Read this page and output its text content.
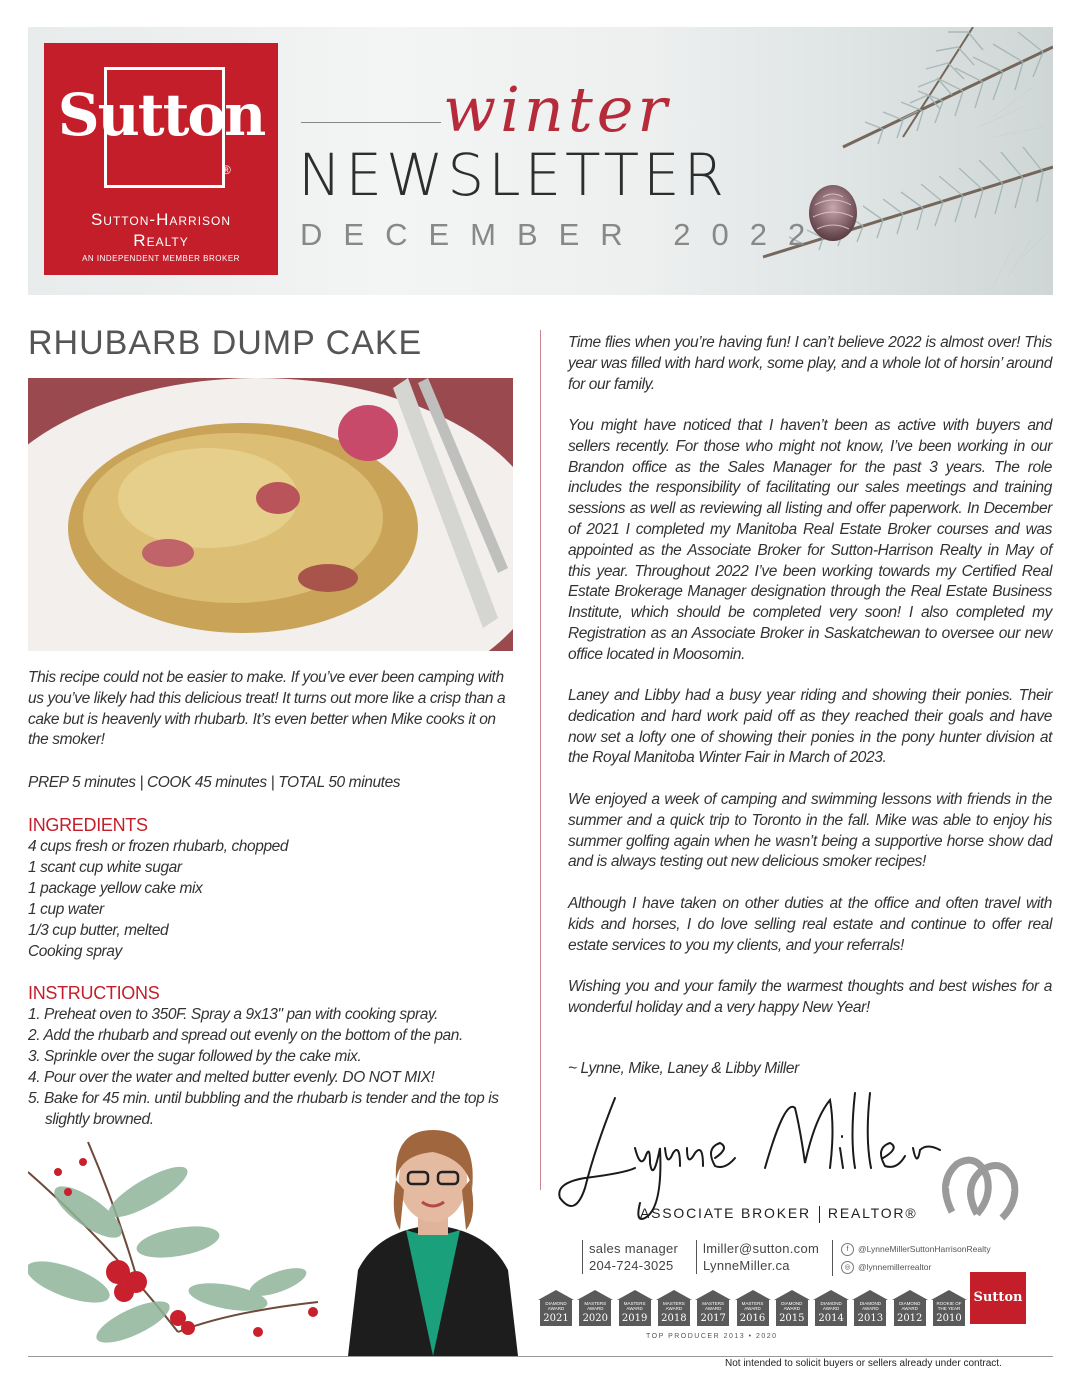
Sutton
®
Sutton-Harrison
Realty
AN INDEPENDENT MEMBER BROKER
winter
NEWSLETTER
DECEMBER 2022
RHUBARB DUMP CAKE
This recipe could not be easier to make. If you’ve ever been camping with us you’ve likely had this delicious treat! It turns out more like a crisp than a cake but is heavenly with rhubarb. It’s even better when Mike cooks it on the smoker!
PREP 5 minutes | COOK 45 minutes | TOTAL 50 minutes
INGREDIENTS
4 cups fresh or frozen rhubarb, chopped
1 scant cup white sugar
1 package yellow cake mix
1 cup water
1/3 cup butter, melted
Cooking spray
INSTRUCTIONS
1. Preheat oven to 350F. Spray a 9x13" pan with cooking spray.
2. Add the rhubarb and spread out evenly on the bottom of the pan.
3. Sprinkle over the sugar followed by the cake mix.
4. Pour over the water and melted butter evenly. DO NOT MIX!
5. Bake for 45 min. until bubbling and the rhubarb is tender and the top is slightly browned.
Time flies when you’re having fun! I can’t believe 2022 is almost over! This year was filled with hard work, some play, and a whole lot of horsin’ around for our family.
You might have noticed that I haven’t been as active with buyers and sellers recently. For those who might not know, I’ve been working in our Brandon office as the Sales Manager for the past 3 years. The role includes the responsibility of facilitating our sales meetings and training sessions as well as reviewing all listing and offer paperwork. In December of 2021 I completed my Manitoba Real Estate Broker courses and was appointed as the Associate Broker for Sutton-Harrison Realty in May of this year. Throughout 2022 I’ve been working towards my Certified Real Estate Brokerage Manager designation through the Real Estate Business Institute, which should be completed very soon! I also completed my Registration as an Associate Broker in Saskatchewan to oversee our new office located in Moosomin.
Laney and Libby had a busy year riding and showing their ponies. Their dedication and hard work paid off as they reached their goals and have now set a lofty one of showing their ponies in the pony hunter division at the Royal Manitoba Winter Fair in March of 2023.
We enjoyed a week of camping and swimming lessons with friends in the summer and a quick trip to Toronto in the fall. Mike was able to enjoy his summer golfing again when he wasn’t being a supportive horse show dad and is always testing out new delicious smoker recipes!
Although I have taken on other duties at the office and often travel with kids and horses, I do love selling real estate and continue to offer real estate services to you my clients, and your referrals!
Wishing you and your family the warmest thoughts and best wishes for a wonderful holiday and a very happy New Year!
~ Lynne, Mike, Laney & Libby Miller
ASSOCIATE BROKER REALTOR®
sales manager
204-724-3025
lmiller@sutton.com
LynneMiller.ca
f @LynneMillerSuttonHarrisonRealty
◎ @lynnemillerrealtor
Sutton
DIAMOND AWARD
2021
MASTERS AWARD
2020
MASTERS AWARD
2019
MASTERS AWARD
2018
MASTERS AWARD
2017
MASTERS AWARD
2016
DIAMOND AWARD
2015
DIAMOND AWARD
2014
DIAMOND AWARD
2013
DIAMOND AWARD
2012
ROOKIE OF THE YEAR
2010
TOP PRODUCER 2013 • 2020
Not intended to solicit buyers or sellers already under contract.
